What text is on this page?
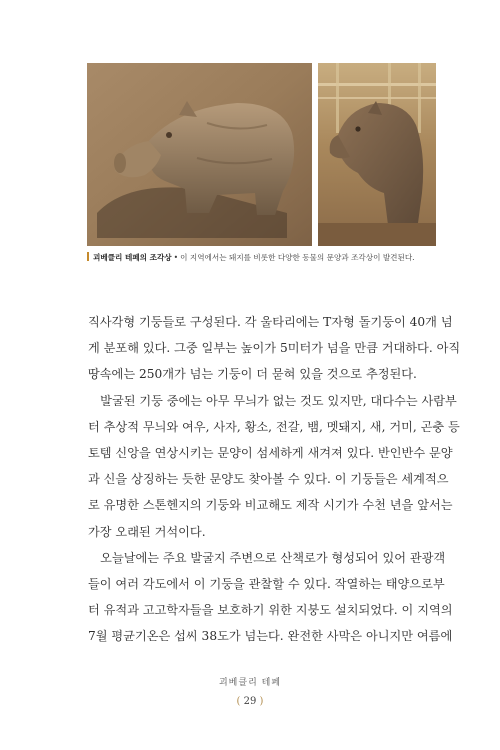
괴베클리 테페의 조각상 • 이 지역에서는 돼지를 비롯한 다양한 동물의 문양과 조각상이 발견된다.

직사각형 기둥들로 구성된다. 각 울타리에는 T자형 돌기둥이 40개 넘
게 분포해 있다. 그중 일부는 높이가 5미터가 넘을 만큼 거대하다. 아직
땅속에는 250개가 넘는 기둥이 더 묻혀 있을 것으로 추정된다.

　발굴된 기둥 중에는 아무 무늬가 없는 것도 있지만, 대다수는 사람부
터 추상적 무늬와 여우, 사자, 황소, 전갈, 뱀, 멧돼지, 새, 거미, 곤충 등
토템 신앙을 연상시키는 문양이 섬세하게 새겨져 있다. 반인반수 문양
과 신을 상징하는 듯한 문양도 찾아볼 수 있다. 이 기둥들은 세계적으
로 유명한 스톤헨지의 기둥와 비교해도 제작 시기가 수천 년을 앞서는
가장 오래된 거석이다.

　오늘날에는 주요 발굴지 주변으로 산책로가 형성되어 있어 관광객
들이 여러 각도에서 이 기둥을 관찰할 수 있다. 작열하는 태양으로부
터 유적과 고고학자들을 보호하기 위한 지붕도 설치되었다. 이 지역의
7월 평균기온은 섭씨 38도가 넘는다. 완전한 사막은 아니지만 여름에

괴베클리 테페
( 29 )
